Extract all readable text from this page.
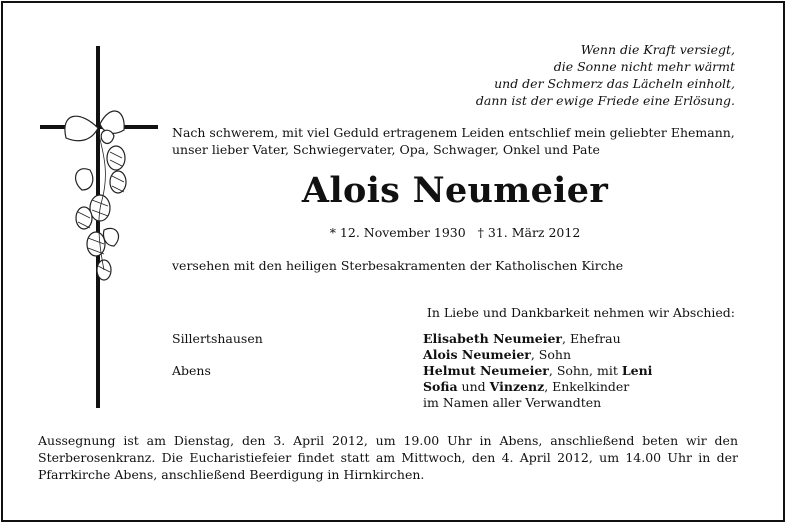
Wenn die Kraft versiegt,
die Sonne nicht mehr wärmt
und der Schmerz das Lächeln einholt,
dann ist der ewige Friede eine Erlösung.
Nach schwerem, mit viel Geduld ertragenem Leiden entschlief mein geliebter Ehemann, unser lieber Vater, Schwiegervater, Opa, Schwager, Onkel und Pate
Alois Neumeier
* 12. November 1930   † 31. März 2012
versehen mit den heiligen Sterbesakramenten der Katholischen Kirche
In Liebe und Dankbarkeit nehmen wir Abschied:
Sillertshausen
Abens
Elisabeth Neumeier, Ehefrau
Alois Neumeier, Sohn
Helmut Neumeier, Sohn, mit Leni
Sofia und Vinzenz, Enkelkinder
im Namen aller Verwandten
Aussegnung ist am Dienstag, den 3. April 2012, um 19.00 Uhr in Abens, anschließend beten wir den Sterberosenkranz. Die Eucharistiefeier findet statt am Mittwoch, den 4. April 2012, um 14.00 Uhr in der Pfarrkirche Abens, anschließend Beerdigung in Hirnkirchen.
